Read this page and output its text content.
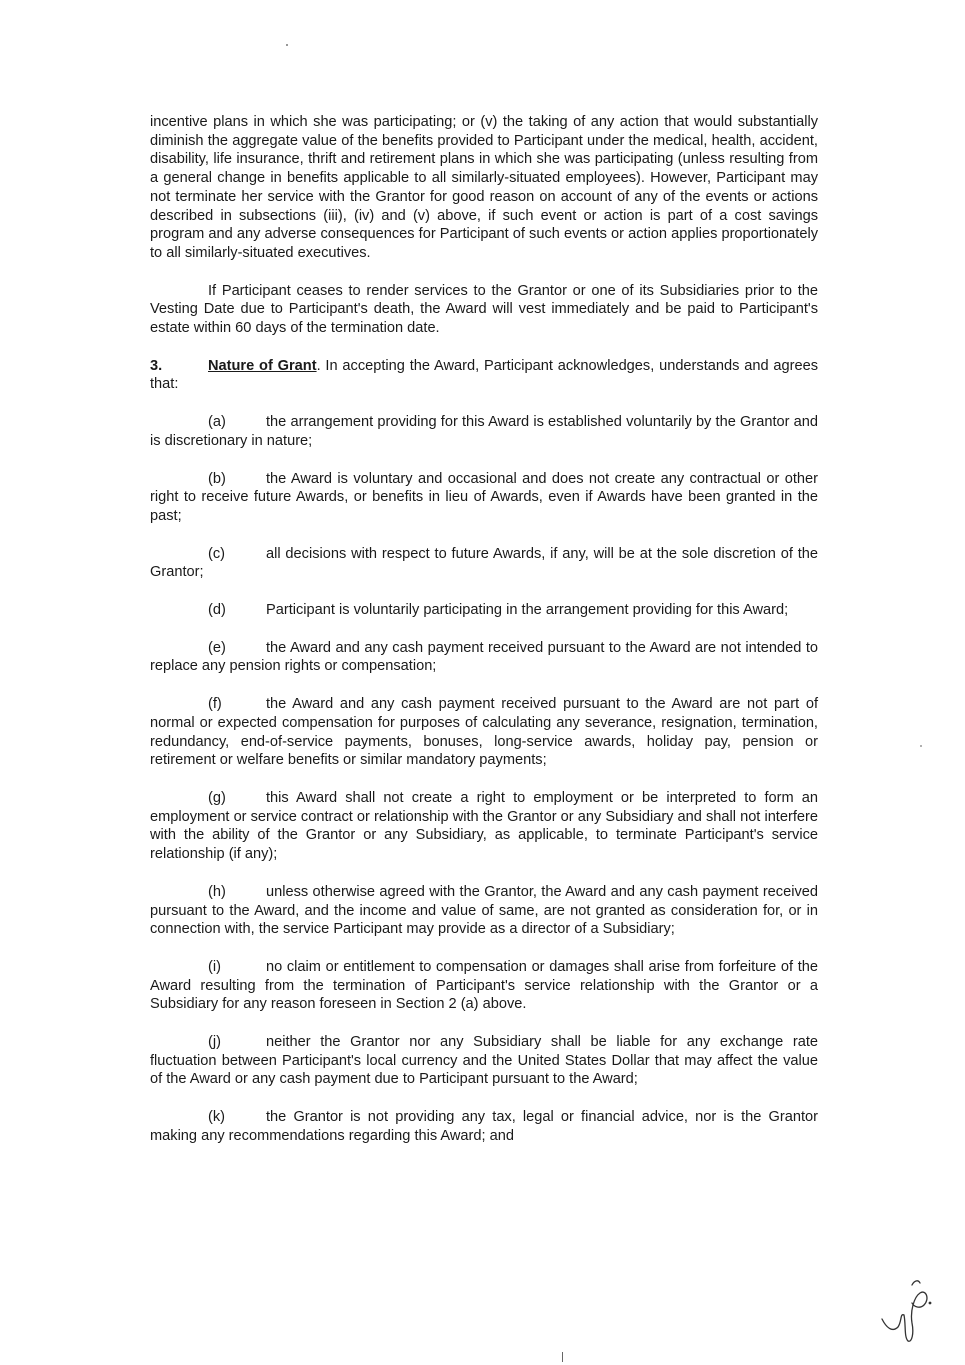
incentive plans in which she was participating; or (v) the taking of any action that would substantially diminish the aggregate value of the benefits provided to Participant under the medical, health, accident, disability, life insurance, thrift and retirement plans in which she was participating (unless resulting from a general change in benefits applicable to all similarly-situated employees). However, Participant may not terminate her service with the Grantor for good reason on account of any of the events or actions described in subsections (iii), (iv) and (v) above, if such event or action is part of a cost savings program and any adverse consequences for Participant of such events or action applies proportionately to all similarly-situated executives.

If Participant ceases to render services to the Grantor or one of its Subsidiaries prior to the Vesting Date due to Participant's death, the Award will vest immediately and be paid to Participant's estate within 60 days of the termination date.

3.	Nature of Grant. In accepting the Award, Participant acknowledges, understands and agrees that:

(a)	the arrangement providing for this Award is established voluntarily by the Grantor and is discretionary in nature;

(b)	the Award is voluntary and occasional and does not create any contractual or other right to receive future Awards, or benefits in lieu of Awards, even if Awards have been granted in the past;

(c)	all decisions with respect to future Awards, if any, will be at the sole discretion of the Grantor;

(d)	Participant is voluntarily participating in the arrangement providing for this Award;

(e)	the Award and any cash payment received pursuant to the Award are not intended to replace any pension rights or compensation;

(f)	the Award and any cash payment received pursuant to the Award are not part of normal or expected compensation for purposes of calculating any severance, resignation, termination, redundancy, end-of-service payments, bonuses, long-service awards, holiday pay, pension or retirement or welfare benefits or similar mandatory payments;

(g)	this Award shall not create a right to employment or be interpreted to form an employment or service contract or relationship with the Grantor or any Subsidiary and shall not interfere with the ability of the Grantor or any Subsidiary, as applicable, to terminate Participant's service relationship (if any);

(h)	unless otherwise agreed with the Grantor, the Award and any cash payment received pursuant to the Award, and the income and value of same, are not granted as consideration for, or in connection with, the service Participant may provide as a director of a Subsidiary;

(i)	no claim or entitlement to compensation or damages shall arise from forfeiture of the Award resulting from the termination of Participant's service relationship with the Grantor or a Subsidiary for any reason foreseen in Section 2 (a) above.

(j)	neither the Grantor nor any Subsidiary shall be liable for any exchange rate fluctuation between Participant's local currency and the United States Dollar that may affect the value of the Award or any cash payment due to Participant pursuant to the Award;

(k)	the Grantor is not providing any tax, legal or financial advice, nor is the Grantor making any recommendations regarding this Award; and
